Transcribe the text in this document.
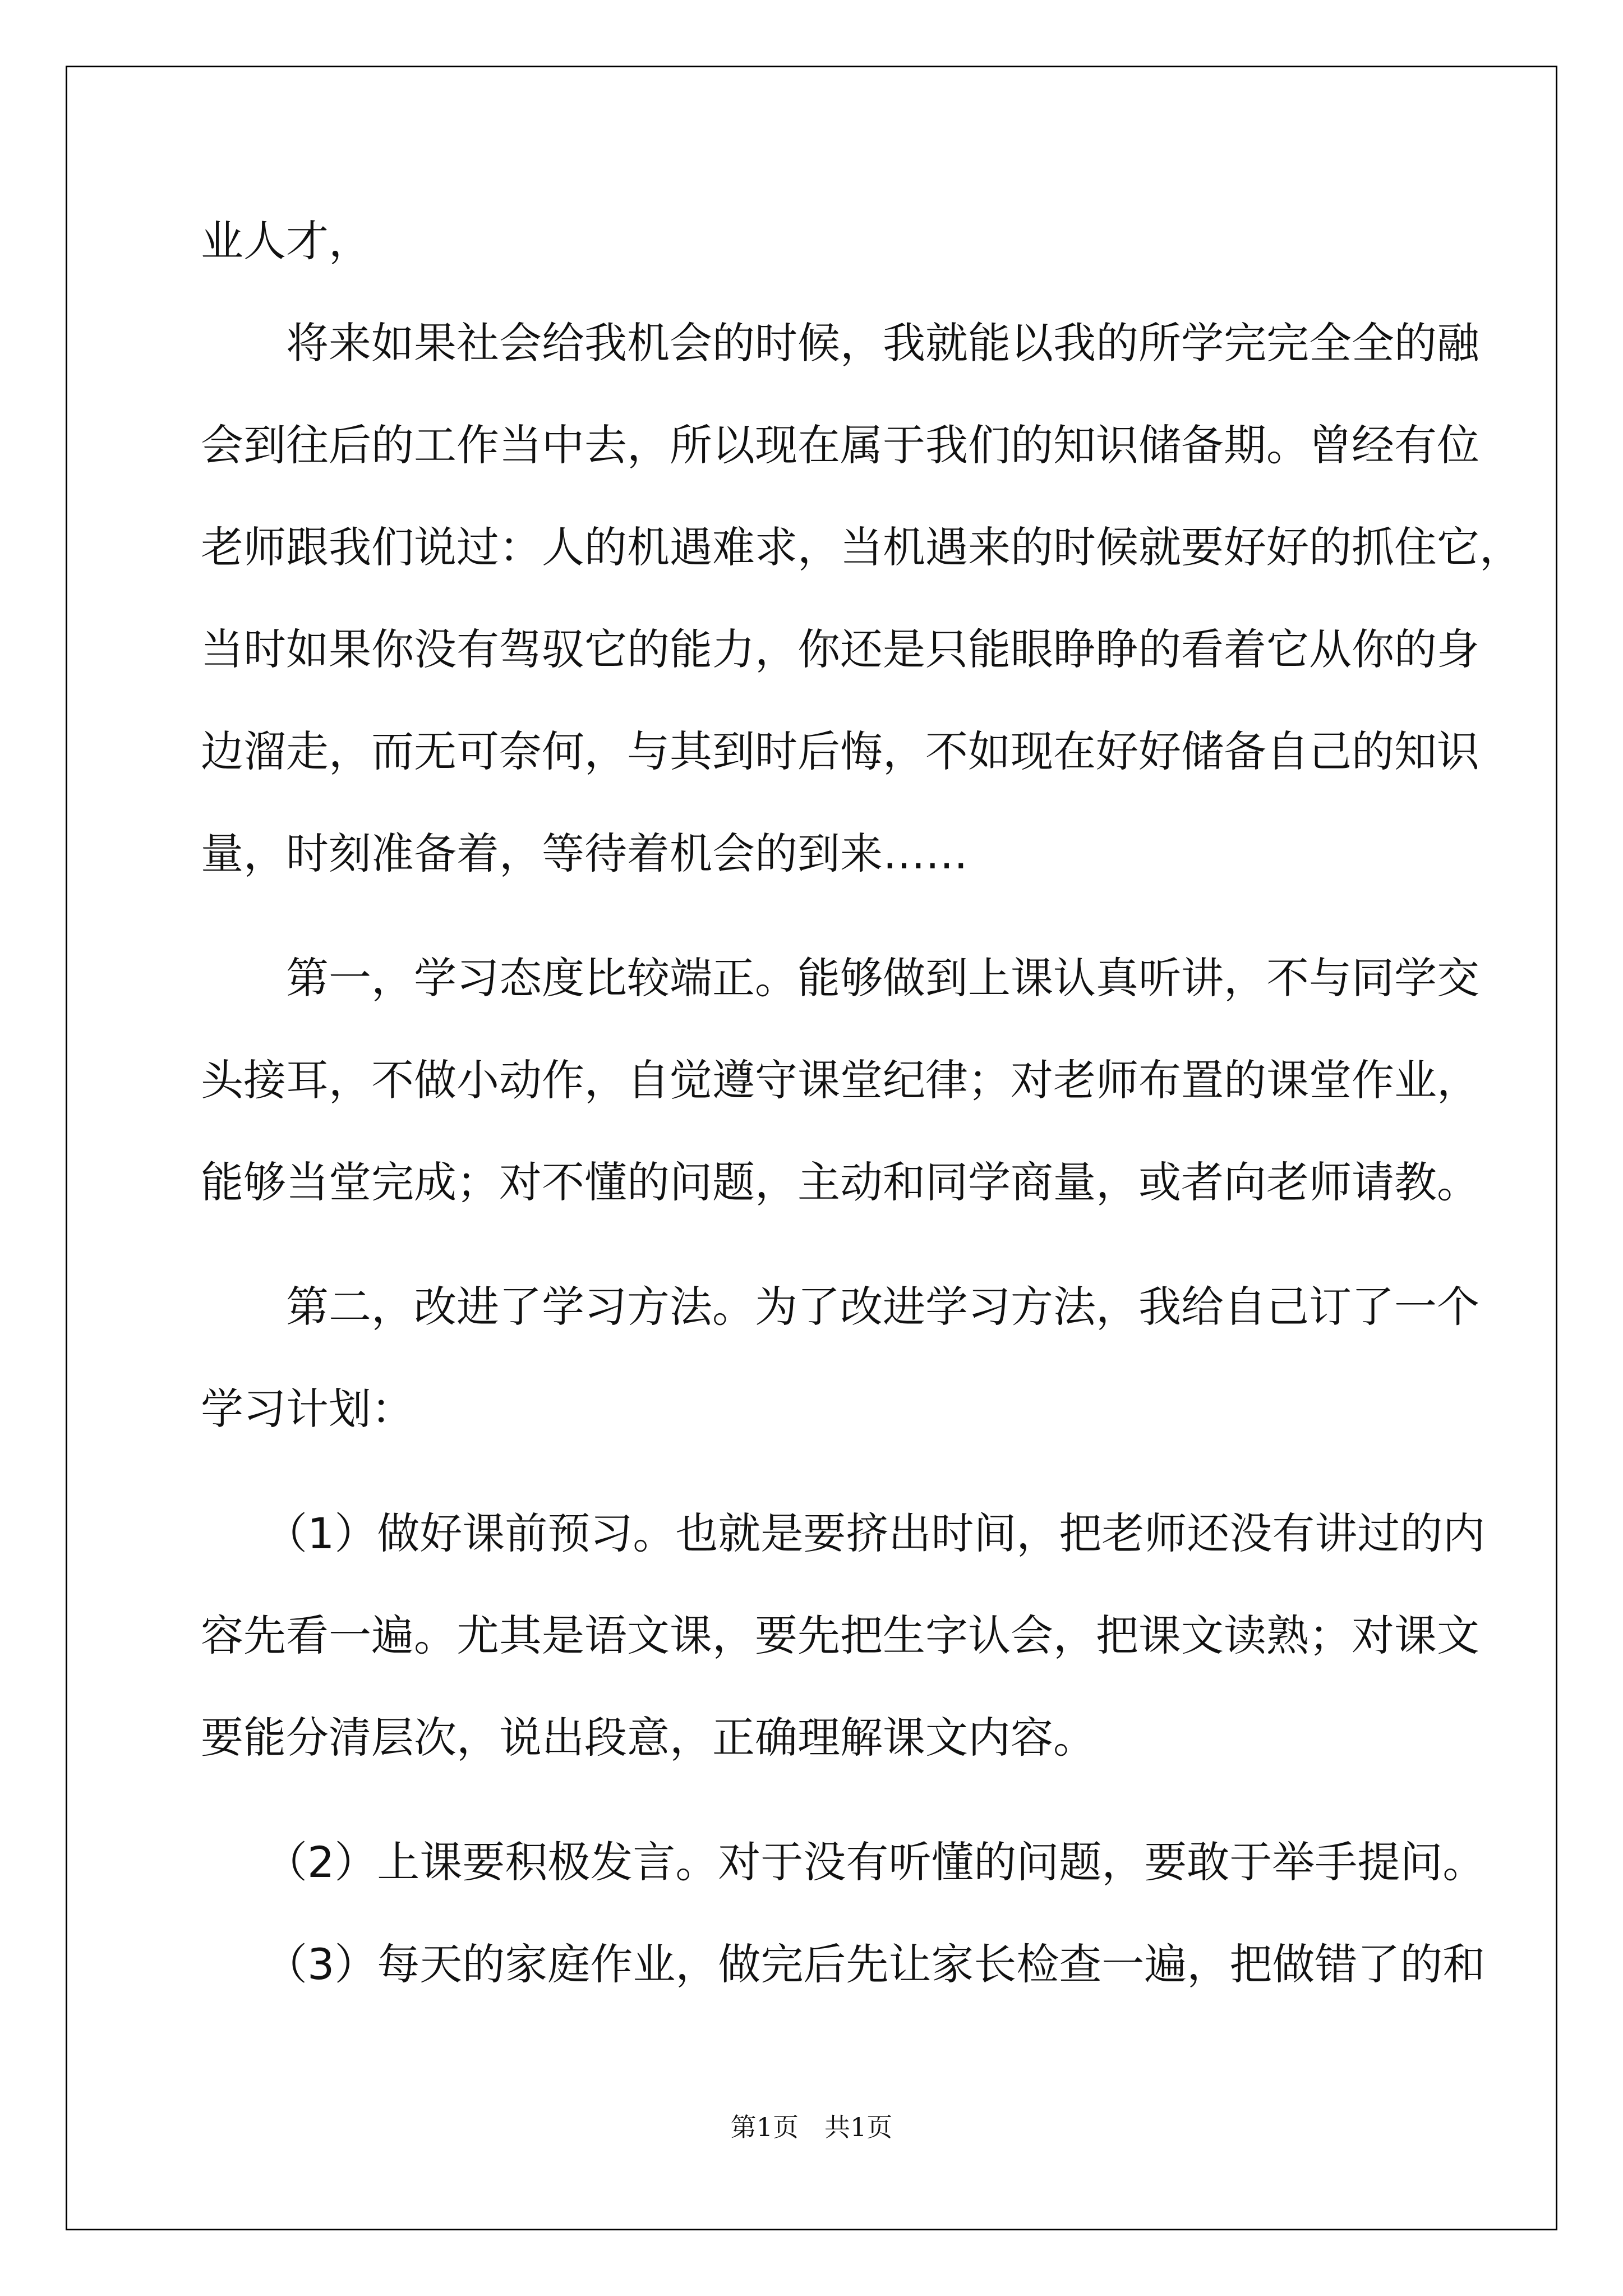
业人才，
　　将来如果社会给我机会的时候，我就能以我的所学完完全全的融
会到往后的工作当中去，所以现在属于我们的知识储备期。曾经有位
老师跟我们说过：人的机遇难求，当机遇来的时候就要好好的抓住它，
当时如果你没有驾驭它的能力，你还是只能眼睁睁的看着它从你的身
边溜走，而无可奈何，与其到时后悔，不如现在好好储备自己的知识
量，时刻准备着，等待着机会的到来……
　　第一，学习态度比较端正。能够做到上课认真听讲，不与同学交
头接耳，不做小动作，自觉遵守课堂纪律；对老师布置的课堂作业，
能够当堂完成；对不懂的问题，主动和同学商量，或者向老师请教。
　　第二，改进了学习方法。为了改进学习方法，我给自己订了一个
学习计划：
　　（1）做好课前预习。也就是要挤出时间，把老师还没有讲过的内
容先看一遍。尤其是语文课，要先把生字认会，把课文读熟；对课文
要能分清层次，说出段意，正确理解课文内容。
　　（2）上课要积极发言。对于没有听懂的问题，要敢于举手提问。
　　（3）每天的家庭作业，做完后先让家长检查一遍，把做错了的和
第1页　共1页
